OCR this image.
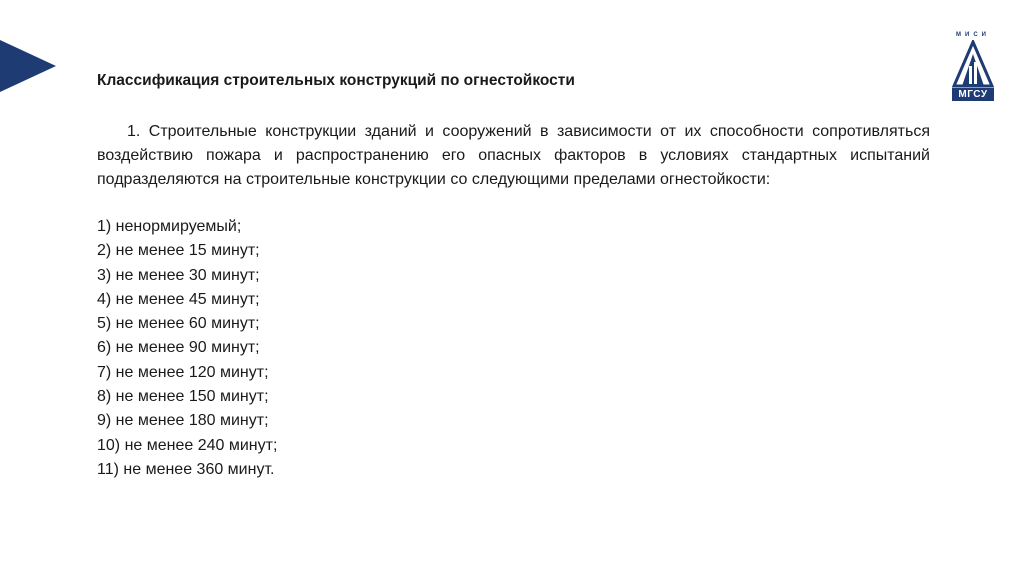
МИСИ
МГСУ
Классификация строительных конструкций по огнестойкости
1. Строительные конструкции зданий и сооружений в зависимости от их способности сопротивляться воздействию пожара и распространению его опасных факторов в условиях стандартных испытаний подразделяются на строительные конструкции со следующими пределами огнестойкости:
1) ненормируемый;
2) не менее 15 минут;
3) не менее 30 минут;
4) не менее 45 минут;
5) не менее 60 минут;
6) не менее 90 минут;
7) не менее 120 минут;
8) не менее 150 минут;
9) не менее 180 минут;
10) не менее 240 минут;
11) не менее 360 минут.
